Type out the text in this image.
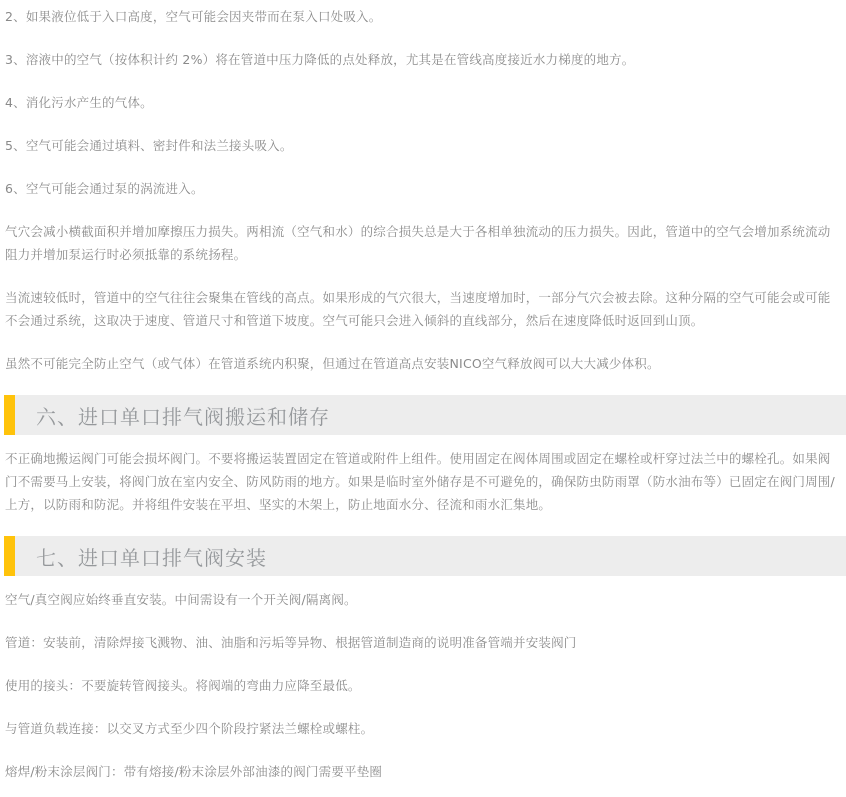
2、如果液位低于入口高度，空气可能会因夹带而在泵入口处吸入。

3、溶液中的空气（按体积计约 2%）将在管道中压力降低的点处释放，尤其是在管线高度接近水力梯度的地方。

4、消化污水产生的气体。

5、空气可能会通过填料、密封件和法兰接头吸入。

6、空气可能会通过泵的涡流进入。

气穴会减小横截面积并增加摩擦压力损失。两相流（空气和水）的综合损失总是大于各相单独流动的压力损失。因此，管道中的空气会增加系统流动阻力并增加泵运行时必须抵靠的系统扬程。

当流速较低时，管道中的空气往往会聚集在管线的高点。如果形成的气穴很大，当速度增加时，一部分气穴会被去除。这种分隔的空气可能会或可能不会通过系统，这取决于速度、管道尺寸和管道下坡度。空气可能只会进入倾斜的直线部分，然后在速度降低时返回到山顶。

虽然不可能完全防止空气（或气体）在管道系统内积聚，但通过在管道高点安装NICO空气释放阀可以大大减少体积。

六、进口单口排气阀搬运和储存

不正确地搬运阀门可能会损坏阀门。不要将搬运装置固定在管道或附件上组件。使用固定在阀体周围或固定在螺栓或杆穿过法兰中的螺栓孔。如果阀门不需要马上安装，将阀门放在室内安全、防风防雨的地方。如果是临时室外储存是不可避免的，确保防虫防雨罩（防水油布等）已固定在阀门周围/上方，以防雨和防泥。并将组件安装在平坦、坚实的木架上，防止地面水分、径流和雨水汇集地。

七、进口单口排气阀安装

空气/真空阀应始终垂直安装。中间需设有一个开关阀/隔离阀。

管道：安装前，清除焊接飞溅物、油、油脂和污垢等异物、根据管道制造商的说明准备管端并安装阀门

使用的接头：不要旋转管阀接头。将阀端的弯曲力应降至最低。

与管道负载连接：以交叉方式至少四个阶段拧紧法兰螺栓或螺柱。

熔焊/粉末涂层阀门：带有熔接/粉末涂层外部油漆的阀门需要平垫圈
